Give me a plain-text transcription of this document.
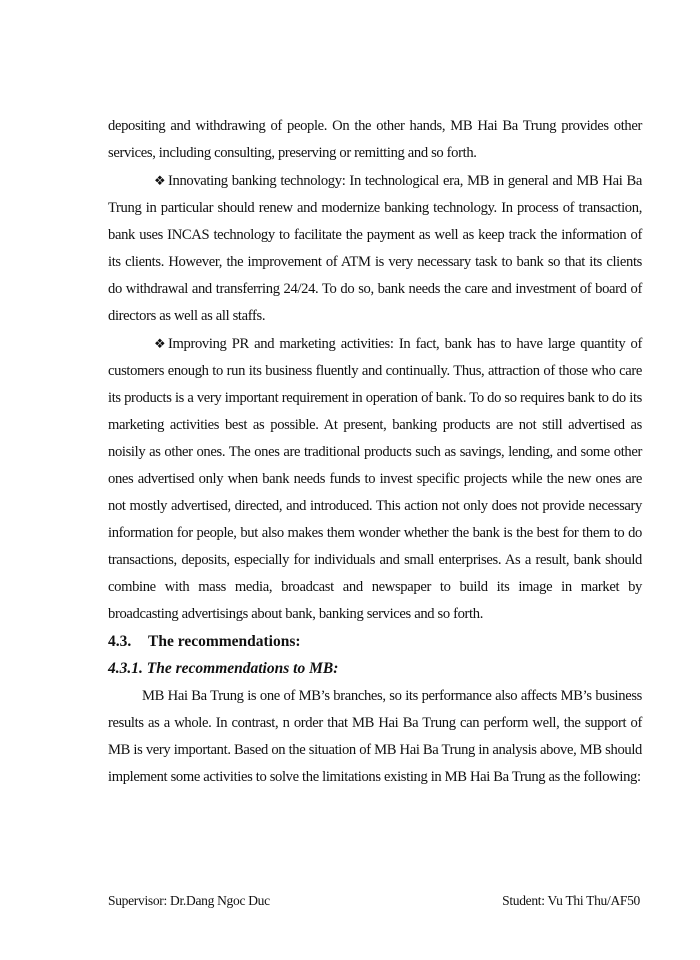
depositing and withdrawing of people. On the other hands, MB Hai Ba Trung provides other services, including consulting, preserving or remitting and so forth.

❖ Innovating banking technology: In technological era, MB in general and MB Hai Ba Trung in particular should renew and modernize banking technology. In process of transaction, bank uses INCAS technology to facilitate the payment as well as keep track the information of its clients. However, the improvement of ATM is very necessary task to bank so that its clients do withdrawal and transferring 24/24. To do so, bank needs the care and investment of board of directors as well as all staffs.

❖ Improving PR and marketing activities: In fact, bank has to have large quantity of customers enough to run its business fluently and continually. Thus, attraction of those who care its products is a very important requirement in operation of bank. To do so requires bank to do its marketing activities best as possible. At present, banking products are not still advertised as noisily as other ones. The ones are traditional products such as savings, lending, and some other ones advertised only when bank needs funds to invest specific projects while the new ones are not mostly advertised, directed, and introduced. This action not only does not provide necessary information for people, but also makes them wonder whether the bank is the best for them to do transactions, deposits, especially for individuals and small enterprises. As a result, bank should combine with mass media, broadcast and newspaper to build its image in market by broadcasting advertisings about bank, banking services and so forth.

4.3. The recommendations:

4.3.1. The recommendations to MB:

MB Hai Ba Trung is one of MB’s branches, so its performance also affects MB’s business results as a whole. In contrast, n order that MB Hai Ba Trung can perform well, the support of MB is very important. Based on the situation of MB Hai Ba Trung in analysis above, MB should implement some activities to solve the limitations existing in MB Hai Ba Trung as the following:

Supervisor: Dr.Dang Ngoc Duc	Student: Vu Thi Thu/AF50
